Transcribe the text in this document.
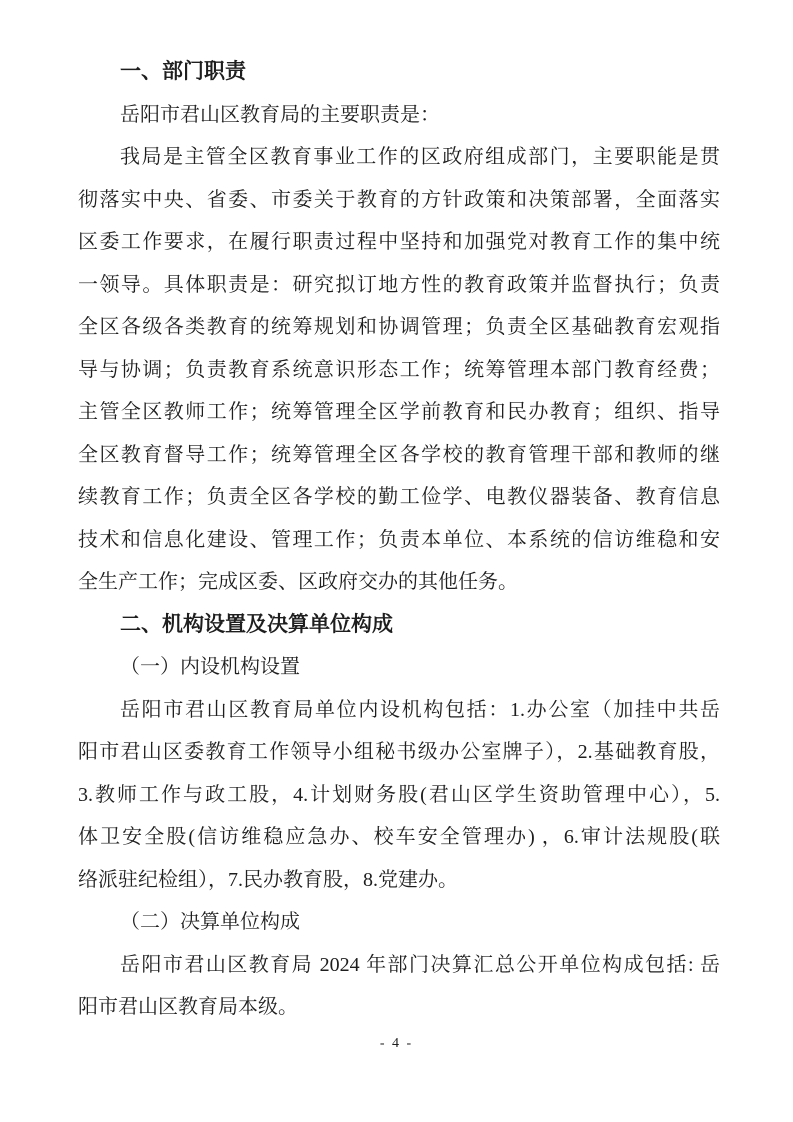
一、部门职责
岳阳市君山区教育局的主要职责是：
我局是主管全区教育事业工作的区政府组成部门，主要职能是贯
彻落实中央、省委、市委关于教育的方针政策和决策部署，全面落实
区委工作要求，在履行职责过程中坚持和加强党对教育工作的集中统
一领导。具体职责是：研究拟订地方性的教育政策并监督执行；负责
全区各级各类教育的统筹规划和协调管理；负责全区基础教育宏观指
导与协调；负责教育系统意识形态工作；统筹管理本部门教育经费；
主管全区教师工作；统筹管理全区学前教育和民办教育；组织、指导
全区教育督导工作；统筹管理全区各学校的教育管理干部和教师的继
续教育工作；负责全区各学校的勤工俭学、电教仪器装备、教育信息
技术和信息化建设、管理工作；负责本单位、本系统的信访维稳和安
全生产工作；完成区委、区政府交办的其他任务。
二、机构设置及决算单位构成
（一）内设机构设置
岳阳市君山区教育局单位内设机构包括：1.办公室（加挂中共岳
阳市君山区委教育工作领导小组秘书级办公室牌子），2.基础教育股，
3.教师工作与政工股，4.计划财务股(君山区学生资助管理中心），5.
体卫安全股(信访维稳应急办、校车安全管理办) ，6.审计法规股(联
络派驻纪检组），7.民办教育股，8.党建办。
（二）决算单位构成
岳阳市君山区教育局 2024 年部门决算汇总公开单位构成包括: 岳
阳市君山区教育局本级。
- 4 -
